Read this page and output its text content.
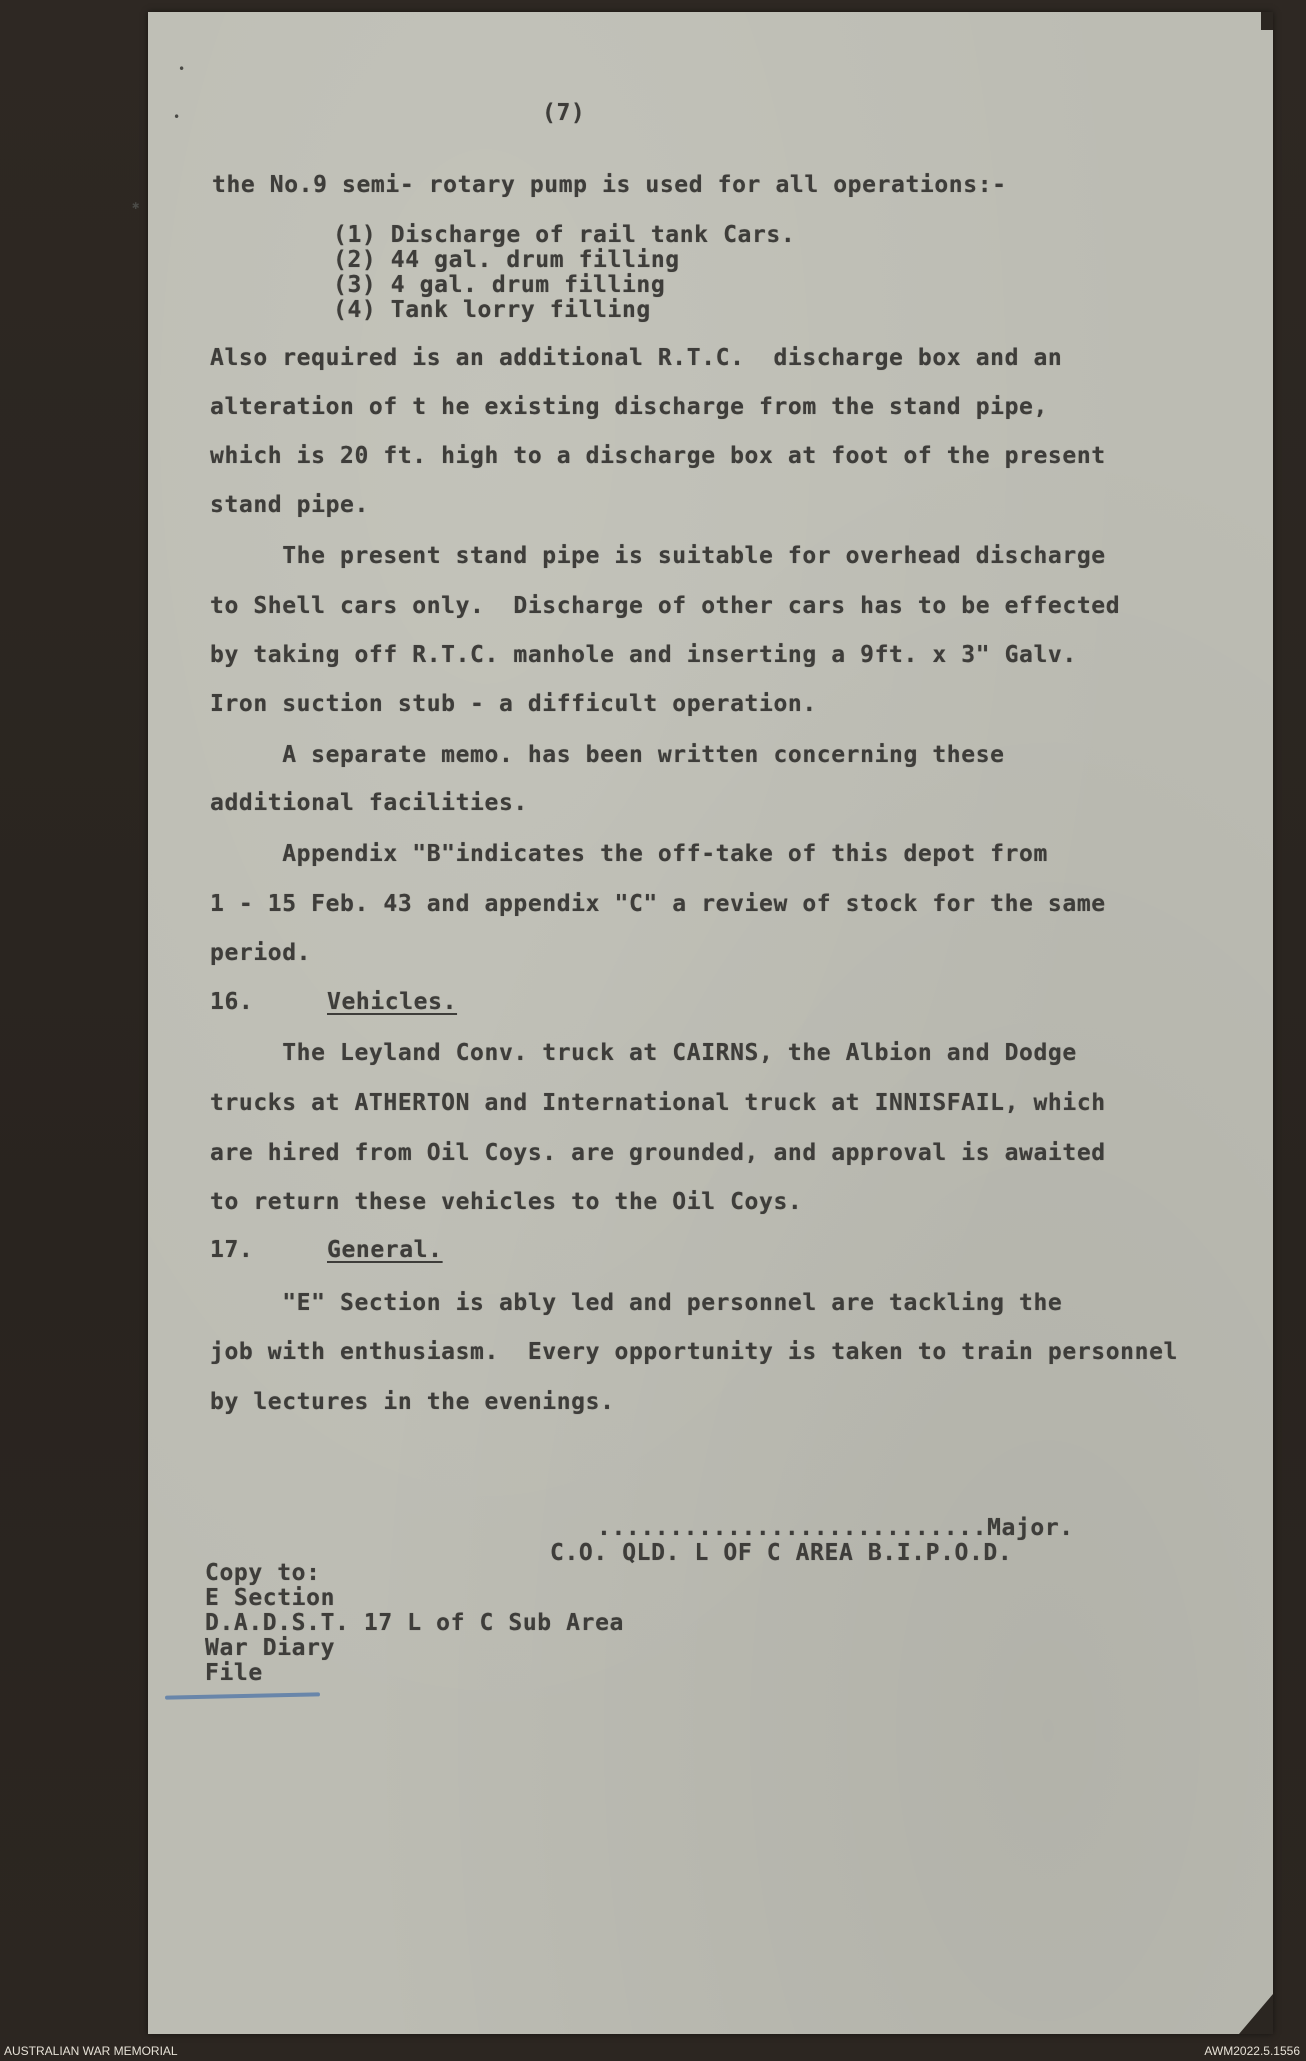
•
•
✱
(7)
the No.9 semi- rotary pump is used for all operations:-
(1) Discharge of rail tank Cars.
(2) 44 gal. drum filling
(3) 4 gal. drum filling
(4) Tank lorry filling
Also required is an additional R.T.C.  discharge box and an
alteration of t he existing discharge from the stand pipe,
which is 20 ft. high to a discharge box at foot of the present
stand pipe.
The present stand pipe is suitable for overhead discharge
to Shell cars only.  Discharge of other cars has to be effected
by taking off R.T.C. manhole and inserting a 9ft. x 3" Galv.
Iron suction stub - a difficult operation.
A separate memo. has been written concerning these
additional facilities.
Appendix "B"indicates the off-take of this depot from
1 - 15 Feb. 43 and appendix "C" a review of stock for the same
period.
16.	Vehicles.
The Leyland Conv. truck at CAIRNS, the Albion and Dodge
trucks at ATHERTON and International truck at INNISFAIL, which
are hired from Oil Coys. are grounded, and approval is awaited
to return these vehicles to the Oil Coys.
17.	General.
"E" Section is ably led and personnel are tackling the
job with enthusiasm.  Every opportunity is taken to train personnel
by lectures in the evenings.
...........................Major.
C.O. QLD. L OF C AREA B.I.P.O.D.
Copy to:
E Section
D.A.D.S.T. 17 L of C Sub Area
War Diary
File
AUSTRALIAN WAR MEMORIAL	AWM2022.5.1556
